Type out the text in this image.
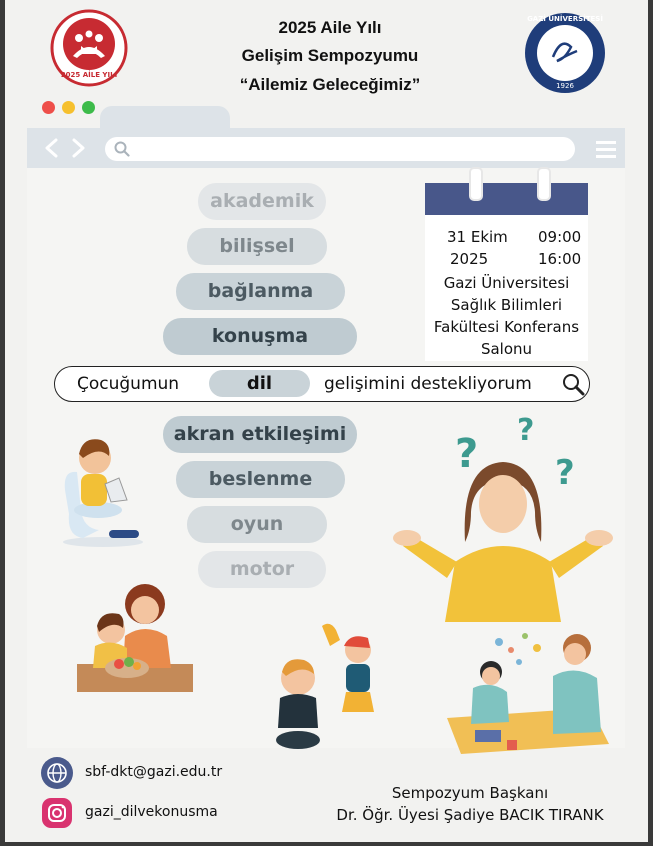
2025 AİLE YILI
2025 Aile Yılı
Gelişim Sempozyumu
“Ailemiz Geleceğimiz”
GAZİ ÜNİVERSİTESİ
1926
akademik
bilişsel
bağlanma
konuşma
31 Ekim 09:00
2025	16:00
Gazi Üniversitesi
Sağlık Bilimleri
Fakültesi Konferans
Salonu
Çocuğumun	dil	gelişimini destekliyorum
akran etkileşimi
beslenme
oyun
motor
?
?
?
sbf-dkt@gazi.edu.tr
gazi_dilvekonusma
Sempozyum Başkanı
Dr. Öğr. Üyesi Şadiye BACIK TIRANK
